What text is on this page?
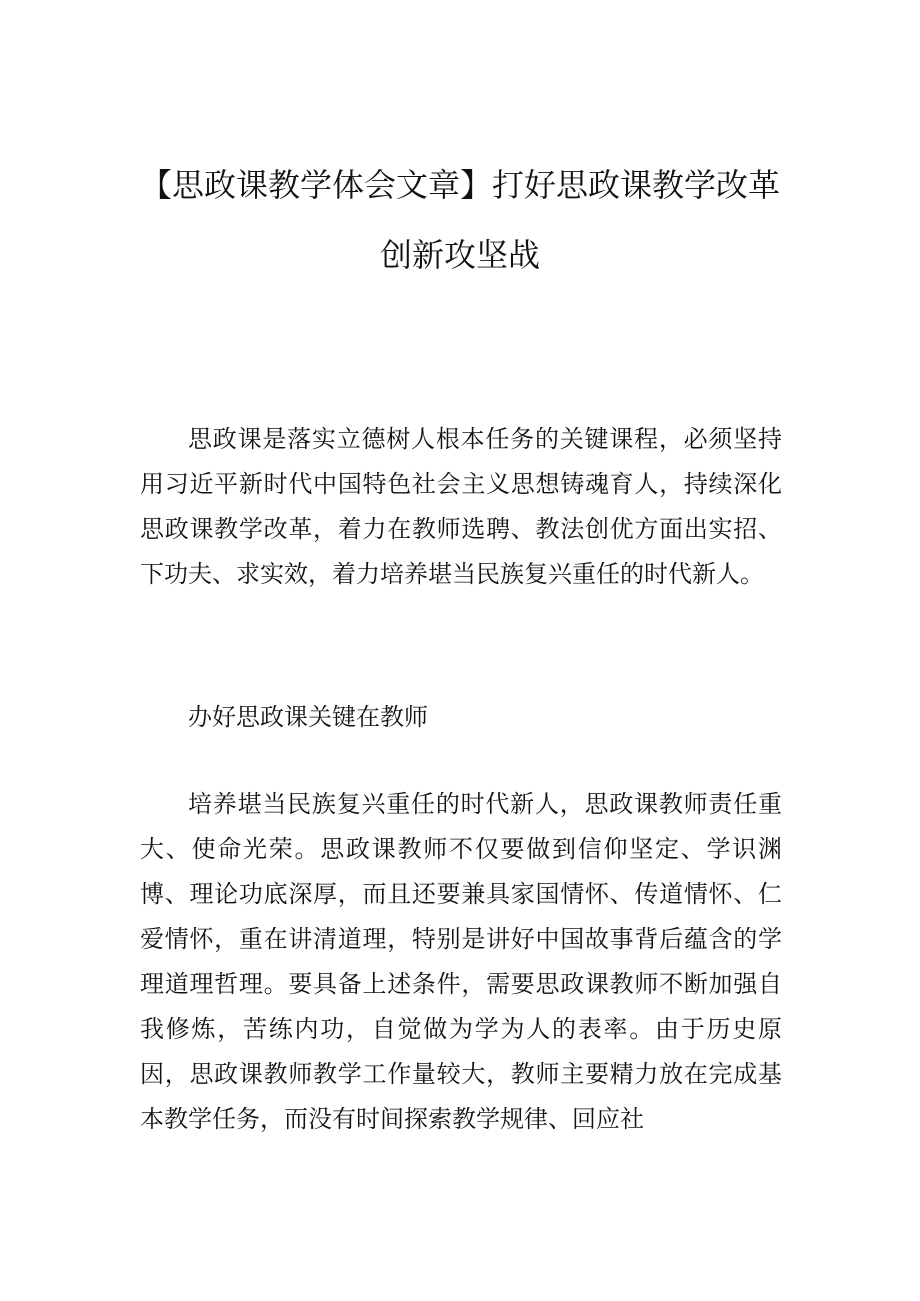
【思政课教学体会文章】打好思政课教学改革创新攻坚战

思政课是落实立德树人根本任务的关键课程，必须坚持用习近平新时代中国特色社会主义思想铸魂育人，持续深化思政课教学改革，着力在教师选聘、教法创优方面出实招、下功夫、求实效，着力培养堪当民族复兴重任的时代新人。

办好思政课关键在教师

培养堪当民族复兴重任的时代新人，思政课教师责任重大、使命光荣。思政课教师不仅要做到信仰坚定、学识渊博、理论功底深厚，而且还要兼具家国情怀、传道情怀、仁爱情怀，重在讲清道理，特别是讲好中国故事背后蕴含的学理道理哲理。要具备上述条件，需要思政课教师不断加强自我修炼，苦练内功，自觉做为学为人的表率。由于历史原因，思政课教师教学工作量较大，教师主要精力放在完成基本教学任务，而没有时间探索教学规律、回应社
